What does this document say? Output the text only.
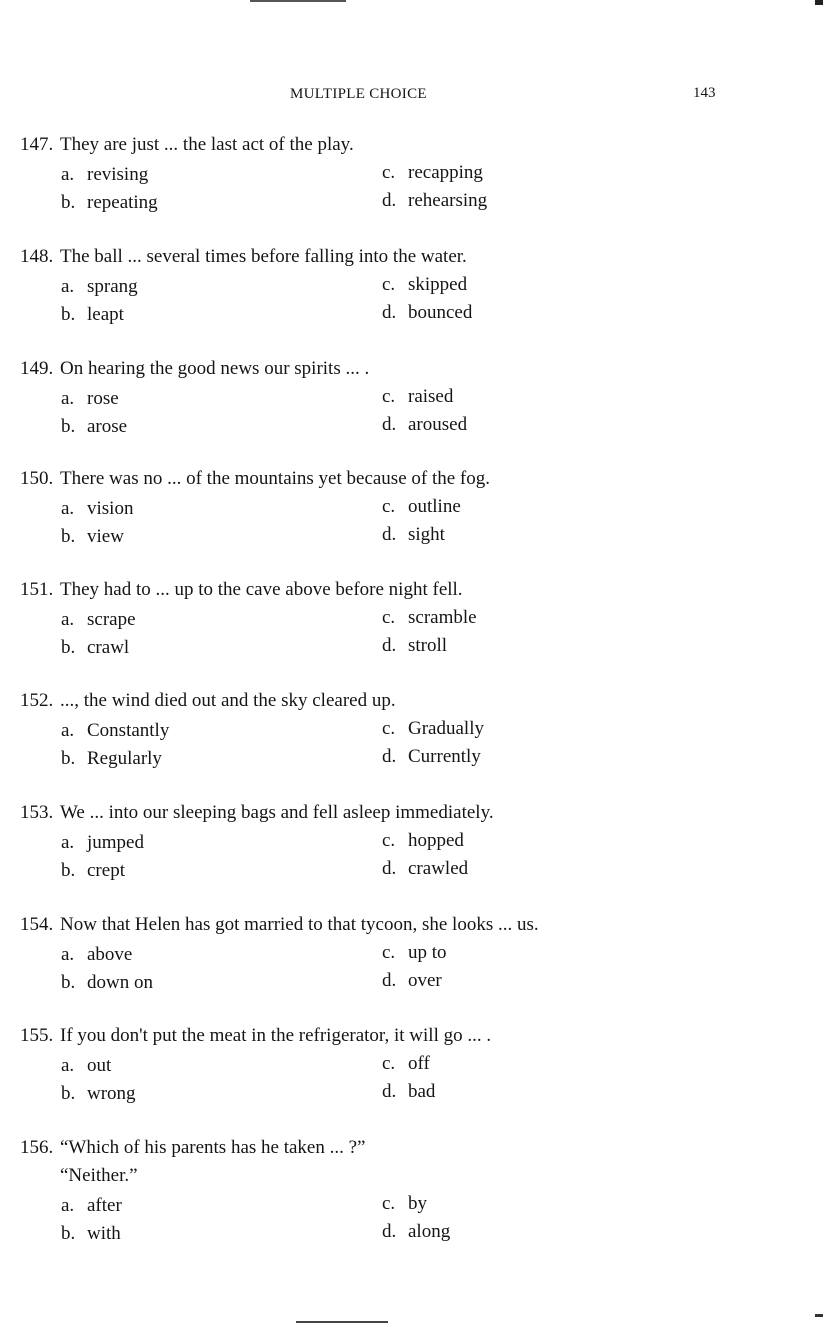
MULTIPLE CHOICE	143
147. They are just ... the last act of the play.
a. revising
b. repeating
c. recapping
d. rehearsing
148. The ball ... several times before falling into the water.
a. sprang
b. leapt
c. skipped
d. bounced
149. On hearing the good news our spirits ... .
a. rose
b. arose
c. raised
d. aroused
150. There was no ... of the mountains yet because of the fog.
a. vision
b. view
c. outline
d. sight
151. They had to ... up to the cave above before night fell.
a. scrape
b. crawl
c. scramble
d. stroll
152. ..., the wind died out and the sky cleared up.
a. Constantly
b. Regularly
c. Gradually
d. Currently
153. We ... into our sleeping bags and fell asleep immediately.
a. jumped
b. crept
c. hopped
d. crawled
154. Now that Helen has got married to that tycoon, she looks ... us.
a. above
b. down on
c. up to
d. over
155. If you don't put the meat in the refrigerator, it will go ... .
a. out
b. wrong
c. off
d. bad
156. “Which of his parents has he taken ... ?”
“Neither.”
a. after
b. with
c. by
d. along
